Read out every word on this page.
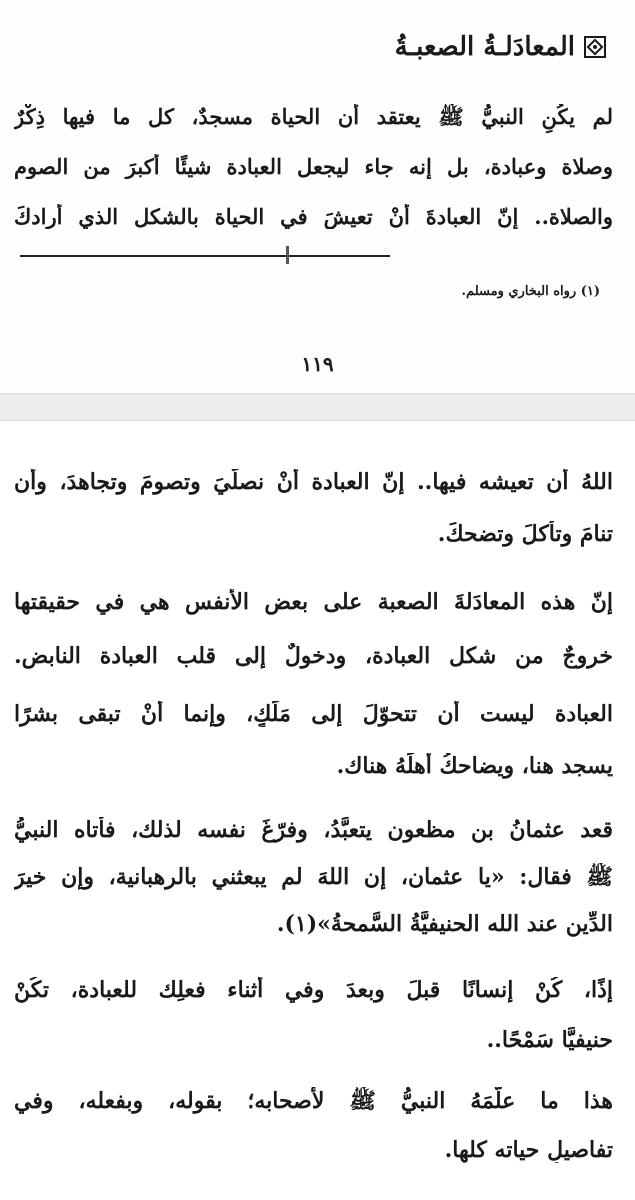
المعادَلـةُ الصعبـةُ
لم يكُنِ النبيُّ ﷺ يعتقد أن الحياة مسجدٌ، كل ما فيها ذِكْرٌ
وصلاة وعبادة، بل إنه جاء ليجعل العبادة شيئًا أكبرَ من الصوم
والصلاة.. إنّ العبادةَ أنْ تعيشَ في الحياة بالشكل الذي أرادكَ
(١) رواه البخاري ومسلم.
١١٩
اللهُ أن تعيشه فيها.. إنّ العبادة أنْ نصلّيَ وتصومَ وتجاهدَ، وأن
تنامَ وتأكلَ وتضحكَ.
إنّ هذه المعادَلةَ الصعبة على بعض الأنفس هي في حقيقتها
خروجٌ من شكل العبادة، ودخولٌ إلى قلب العبادة النابض.
العبادة ليست أن تتحوّلَ إلى مَلَكٍ، وإنما أنْ تبقى بشرًا
يسجد هنا، ويضاحكُ أهلَهُ هناك.
قعد عثمانُ بن مظعون يتعبَّدُ، وفرّغَ نفسه لذلك، فأتاه النبيُّ
ﷺ فقال: «يا عثمان، إن اللهَ لم يبعثني بالرهبانية، وإن خيرَ
الدِّينِ عند الله الحنيفيَّةُ السَّمحةُ»(١).
إذًا، كُنْ إنسانًا قبلَ وبعدَ وفي أثناء فعلِك للعبادة، تكُنْ
حنيفيًّا سَمْحًا..
هذا ما علَّمَهُ النبيُّ ﷺ لأصحابه؛ بقوله، وبفعله، وفي
تفاصيلِ حياته كلها.
